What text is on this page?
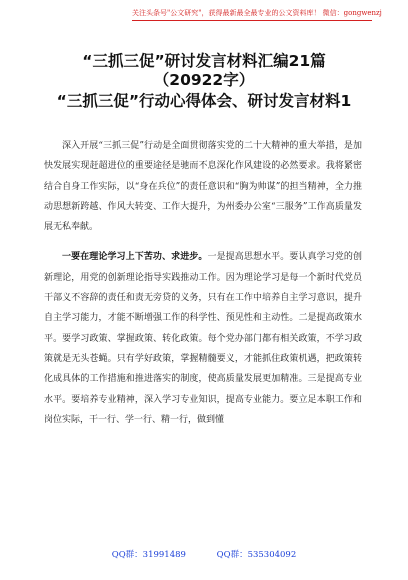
关注头条号"公文研究"，获得最新最全最专业的公文资料库！ 微信：gongwenzj
“三抓三促”研讨发言材料汇编21篇
（20922字）
“三抓三促”行动心得体会、研讨发言材料1

深入开展“三抓三促”行动是全面贯彻落实党的二十大精神的重大举措，是加快发展实现赶超进位的重要途径是驰而不息深化作风建设的必然要求。我将紧密结合自身工作实际，以“身在兵位”的责任意识和“胸为帅谋”的担当精神，全力推动思想新跨越、作风大转变、工作大提升，为州委办公室“三服务”工作高质量发展无私奉献。

一要在理论学习上下苦功、求进步。一是提高思想水平。要认真学习党的创新理论，用党的创新理论指导实践推动工作。因为理论学习是每一个新时代党员干部义不容辞的责任和责无旁贷的义务，只有在工作中培养自主学习意识，提升自主学习能力，才能不断增强工作的科学性、预见性和主动性。二是提高政策水平。要学习政策、掌握政策、转化政策。每个党办部门都有相关政策，不学习政策就是无头苍蝇。只有学好政策，掌握精髓要义，才能抓住政策机遇，把政策转化成具体的工作措施和推进落实的制度，使高质量发展更加精准。三是提高专业水平。要培养专业精神，深入学习专业知识，提高专业能力。要立足本职工作和岗位实际，干一行、学一行、精一行，做到懂

QQ群：31991489	QQ群：535304092
